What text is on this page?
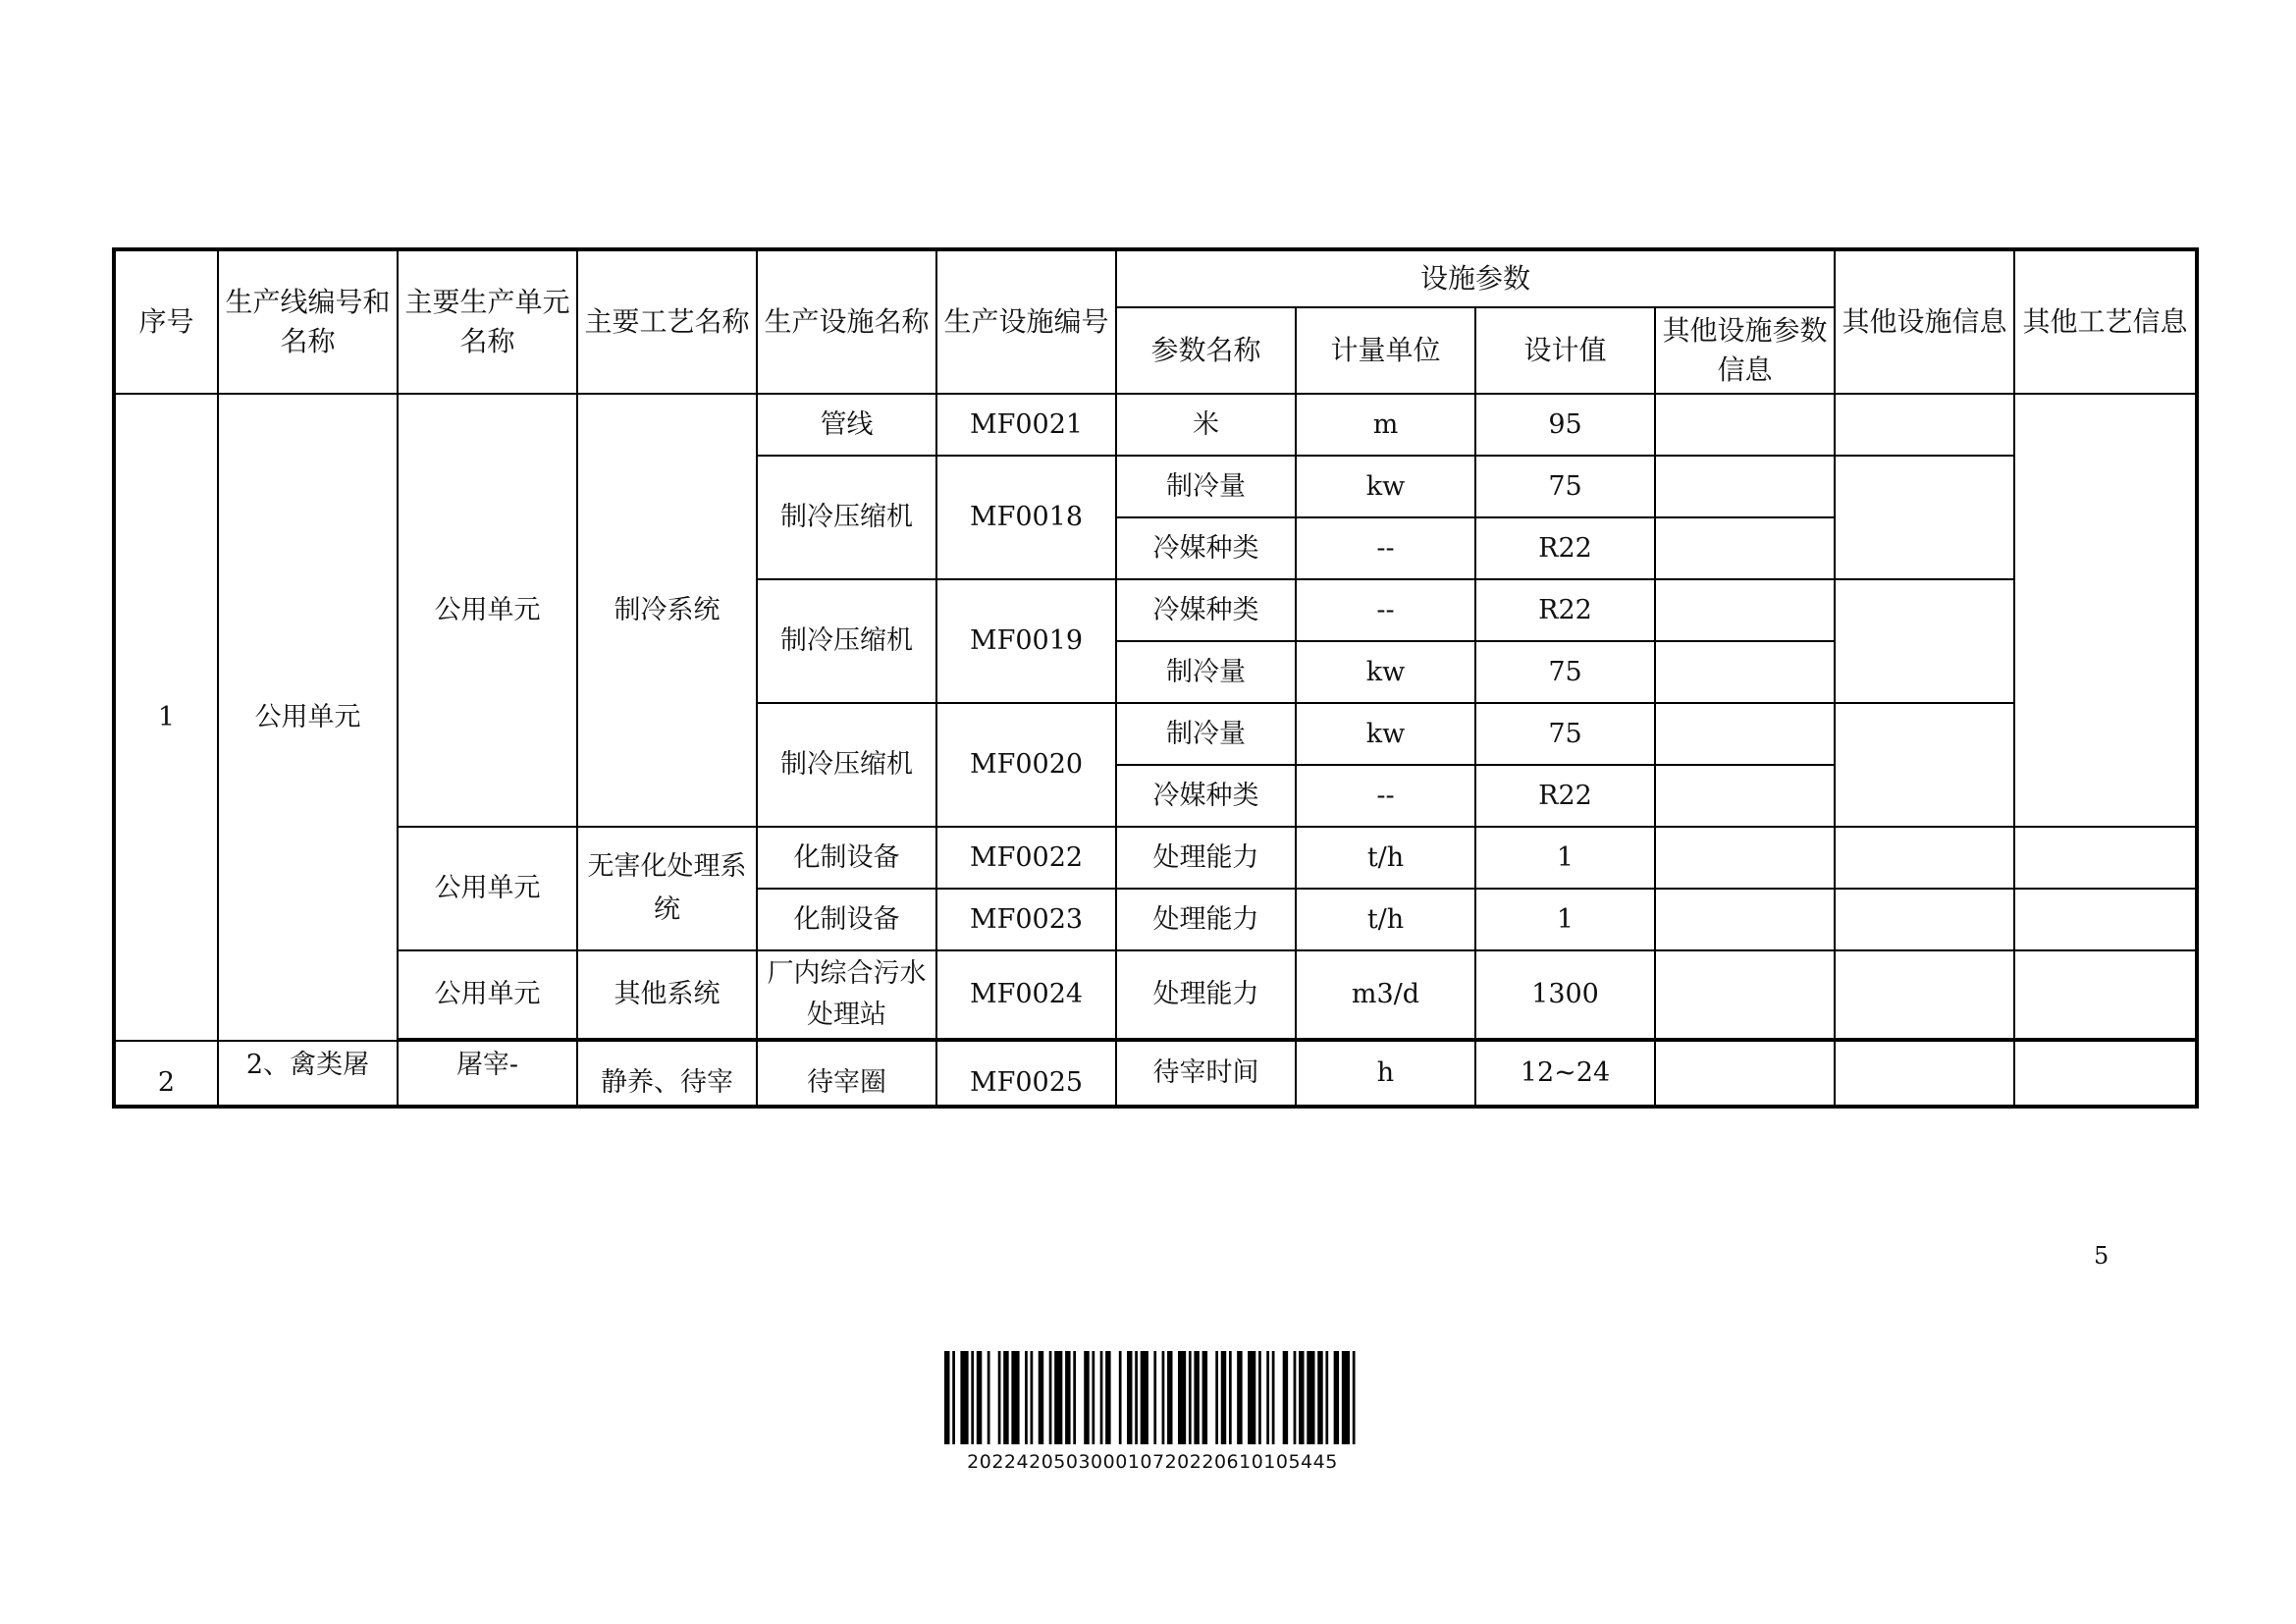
序号	生产线编号和名称	主要生产单元名称	主要工艺名称	生产设施名称	生产设施编号	设施参数				其他设施信息	其他工艺信息
						参数名称	计量单位	设计值	其他设施参数信息		
1	公用单元	公用单元	制冷系统	管线	MF0021	米	m	95			
				制冷压缩机	MF0018	制冷量	kw	75			
						冷媒种类	--	R22			
				制冷压缩机	MF0019	冷媒种类	--	R22			
						制冷量	kw	75			
				制冷压缩机	MF0020	制冷量	kw	75			
						冷媒种类	--	R22			
		公用单元	无害化处理系统	化制设备	MF0022	处理能力	t/h	1			
				化制设备	MF0023	处理能力	t/h	1			
		公用单元	其他系统	厂内综合污水处理站	MF0024	处理能力	m3/d	1300			

2	2、禽类屠	屠宰-	静养、待宰	待宰圈	MF0025	待宰时间	h	12~24			
5
2022420503000107202206101054​45
